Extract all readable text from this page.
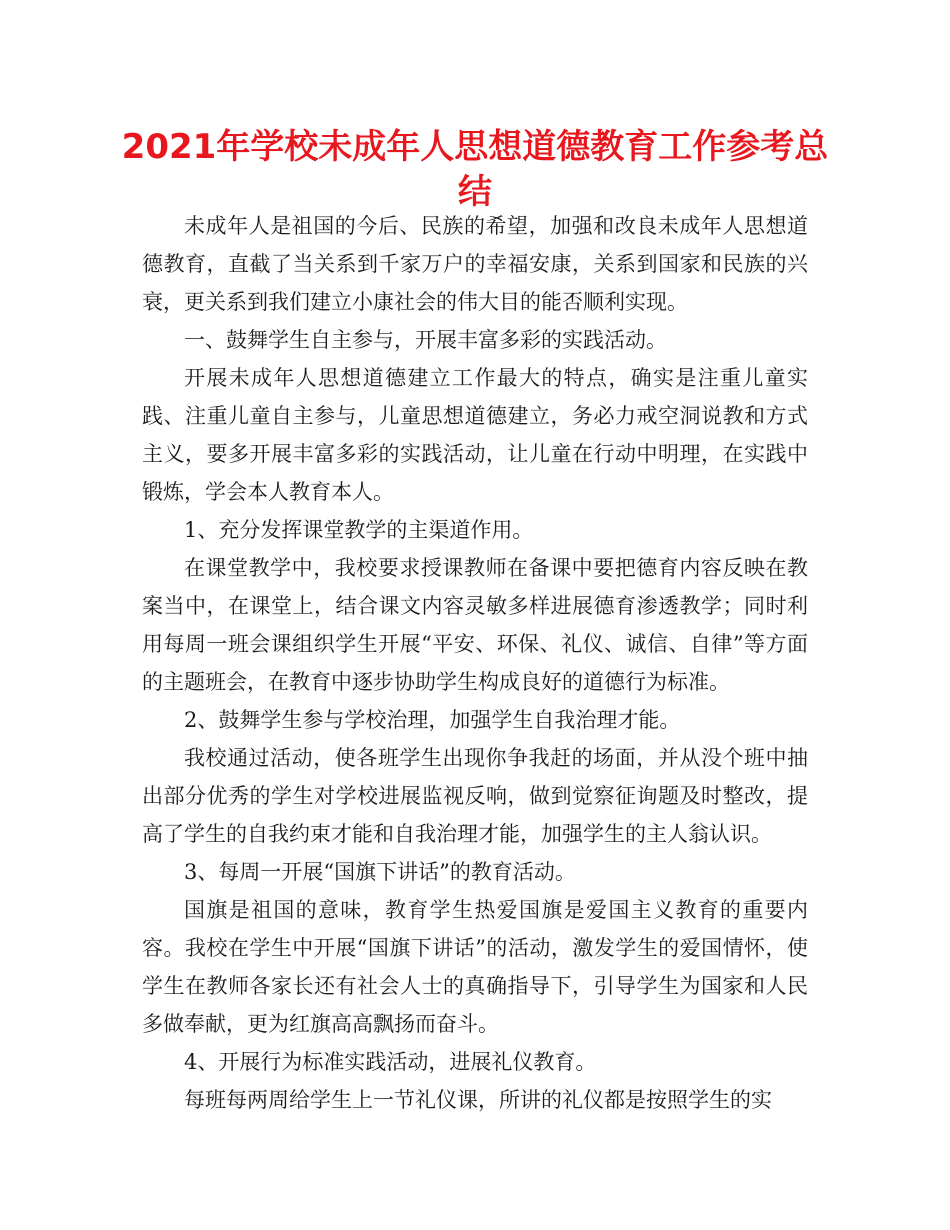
2021年学校未成年人思想道德教育工作参考总
结

未成年人是祖国的今后、民族的希望，加强和改良未成年人思想道德教育，直截了当关系到千家万户的幸福安康，关系到国家和民族的兴衰，更关系到我们建立小康社会的伟大目的能否顺利实现。

一、鼓舞学生自主参与，开展丰富多彩的实践活动。

开展未成年人思想道德建立工作最大的特点，确实是注重儿童实践、注重儿童自主参与，儿童思想道德建立，务必力戒空洞说教和方式主义，要多开展丰富多彩的实践活动，让儿童在行动中明理，在实践中锻炼，学会本人教育本人。

1、充分发挥课堂教学的主渠道作用。

在课堂教学中，我校要求授课教师在备课中要把德育内容反映在教案当中，在课堂上，结合课文内容灵敏多样进展德育渗透教学；同时利用每周一班会课组织学生开展“平安、环保、礼仪、诚信、自律”等方面的主题班会，在教育中逐步协助学生构成良好的道德行为标准。

2、鼓舞学生参与学校治理，加强学生自我治理才能。

我校通过活动，使各班学生出现你争我赶的场面，并从没个班中抽出部分优秀的学生对学校进展监视反响，做到觉察征询题及时整改，提高了学生的自我约束才能和自我治理才能，加强学生的主人翁认识。

3、每周一开展“国旗下讲话”的教育活动。

国旗是祖国的意味，教育学生热爱国旗是爱国主义教育的重要内容。我校在学生中开展“国旗下讲话”的活动，激发学生的爱国情怀，使学生在教师各家长还有社会人士的真确指导下，引导学生为国家和人民多做奉献，更为红旗高高飘扬而奋斗。

4、开展行为标准实践活动，进展礼仪教育。

每班每两周给学生上一节礼仪课，所讲的礼仪都是按照学生的实
